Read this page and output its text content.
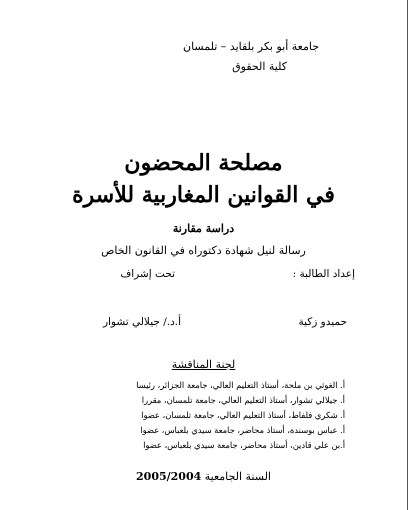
جامعة أبو بكر بلقايد – تلمسان
كلية الحقوق
مصلحة المحضون
في القوانين المغاربية للأسرة
دراسة مقارنة
رسالة لنيل شهادة دكتوراه في القانون الخاص
إعداد الطالبة :
تحت إشراف
حميدو زكية
أ.د./ جيلالي تشوار
لجنة المناقشة
أ. الغوثي بن ملحة، أستاذ التعليم العالي، جامعة الجزائر، رئيسا
أ. جيلالي تشوار، أستاذ التعليم العالي، جامعة تلمسان، مقررا
أ. شكري فلفاط، أستاذ التعليم العالي، جامعة تلمسان، عضوا
أ. عباس بوسندة، أستاذ محاضر، جامعة سيدي بلعباس، عضوا
أ.بن علي قادين، أستاذ محاضر، جامعة سيدي بلعباس، عضوا
السنة الجامعية 2005/2004
